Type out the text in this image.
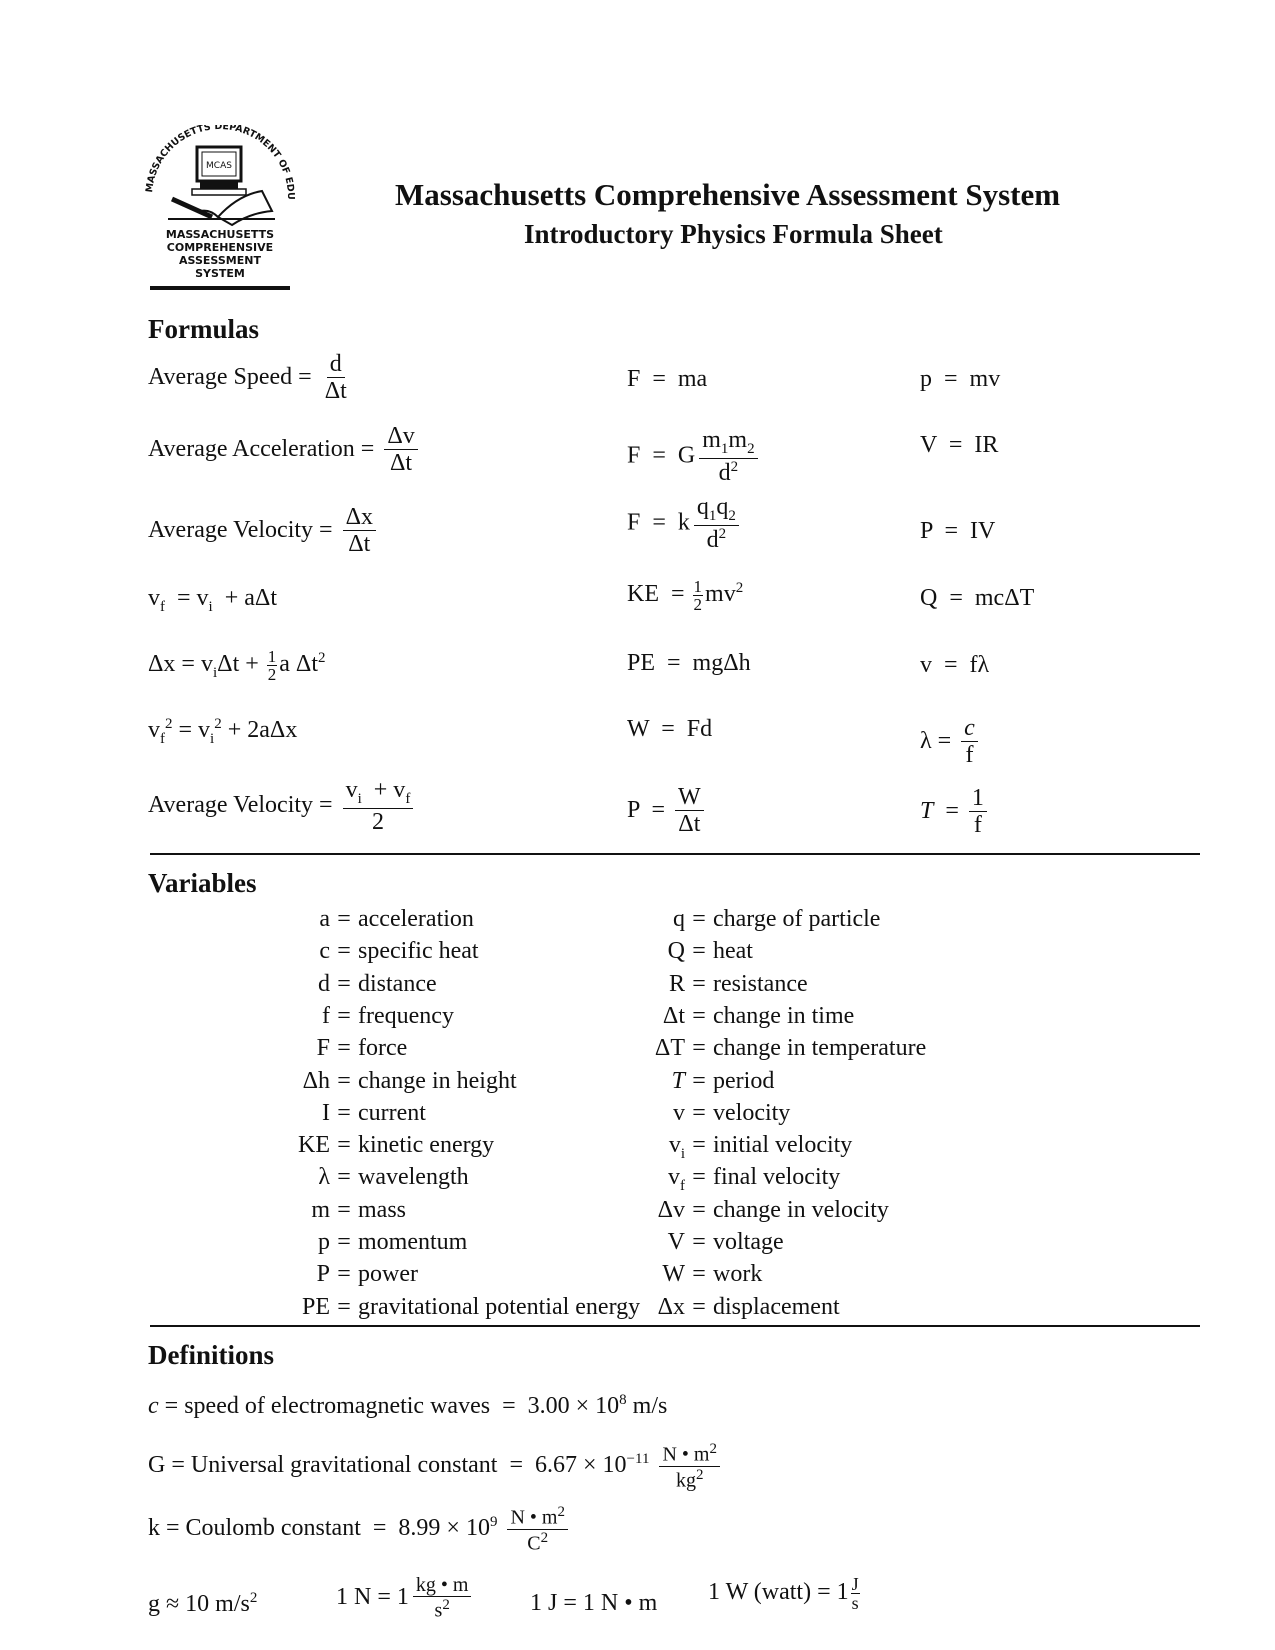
MASSACHUSETTS DEPARTMENT OF EDU
MCAS
MASSACHUSETTS
COMPREHENSIVE
ASSESSMENT
SYSTEM
Massachusetts Comprehensive Assessment System
Introductory Physics Formula Sheet
Formulas
Average Speed = $\frac{d}{\Delta t}$
Average Acceleration = $\frac{\Delta v}{\Delta t}$
Average Velocity = $\frac{\Delta x}{\Delta t}$
$v_f = v_i + a\Delta t$
$\Delta x = v_i\Delta t + \frac{1}{2}$ a $\Delta t^2$
$v_f^2 = v_i^2 + 2a\Delta x$
Average Velocity = $\frac{v_i + v_f}{2}$
F  =  ma
F  =  G $\frac{m_1m_2}{d^2}$
F  =  k $\frac{q_1q_2}{d^2}$
KE  = $\frac{1}{2} mv^2$
PE  =  mgΔh
W  =  Fd
$P = \frac{W}{\Delta t}$
p  =  mv
V  =  IR
P  =  IV
Q  =  mcΔT
v  =  fλ
$\lambda = \frac{c}{f}$
$T = \frac{1}{f}$
Variables
a = acceleration
c = specific heat
d = distance
f = frequency
F = force
Δh = change in height
I = current
KE = kinetic energy
λ = wavelength
m = mass
p = momentum
P = power
PE = gravitational potential energy
q = charge of particle
Q = heat
R = resistance
Δt = change in time
ΔT = change in temperature
T = period
v = velocity
$v_i$ = initial velocity
$v_f$ = final velocity
Δv = change in velocity
V = voltage
W = work
Δx = displacement
Definitions
c = speed of electromagnetic waves  =  $3.00 \times 10^8$ m/s
G = Universal gravitational constant  =  $6.67 \times 10^{-11} \frac{N • m^2}{kg^2}$
k = Coulomb constant  =  $8.99 \times 10^9 \frac{N • m^2}{C^2}$
g ≈ 10 $m/s^2$	1 $N = 1 \frac{kg • m}{s^2} 1$ J = 1 N • m 1 W (watt) = $1 \frac{J}{s}$
